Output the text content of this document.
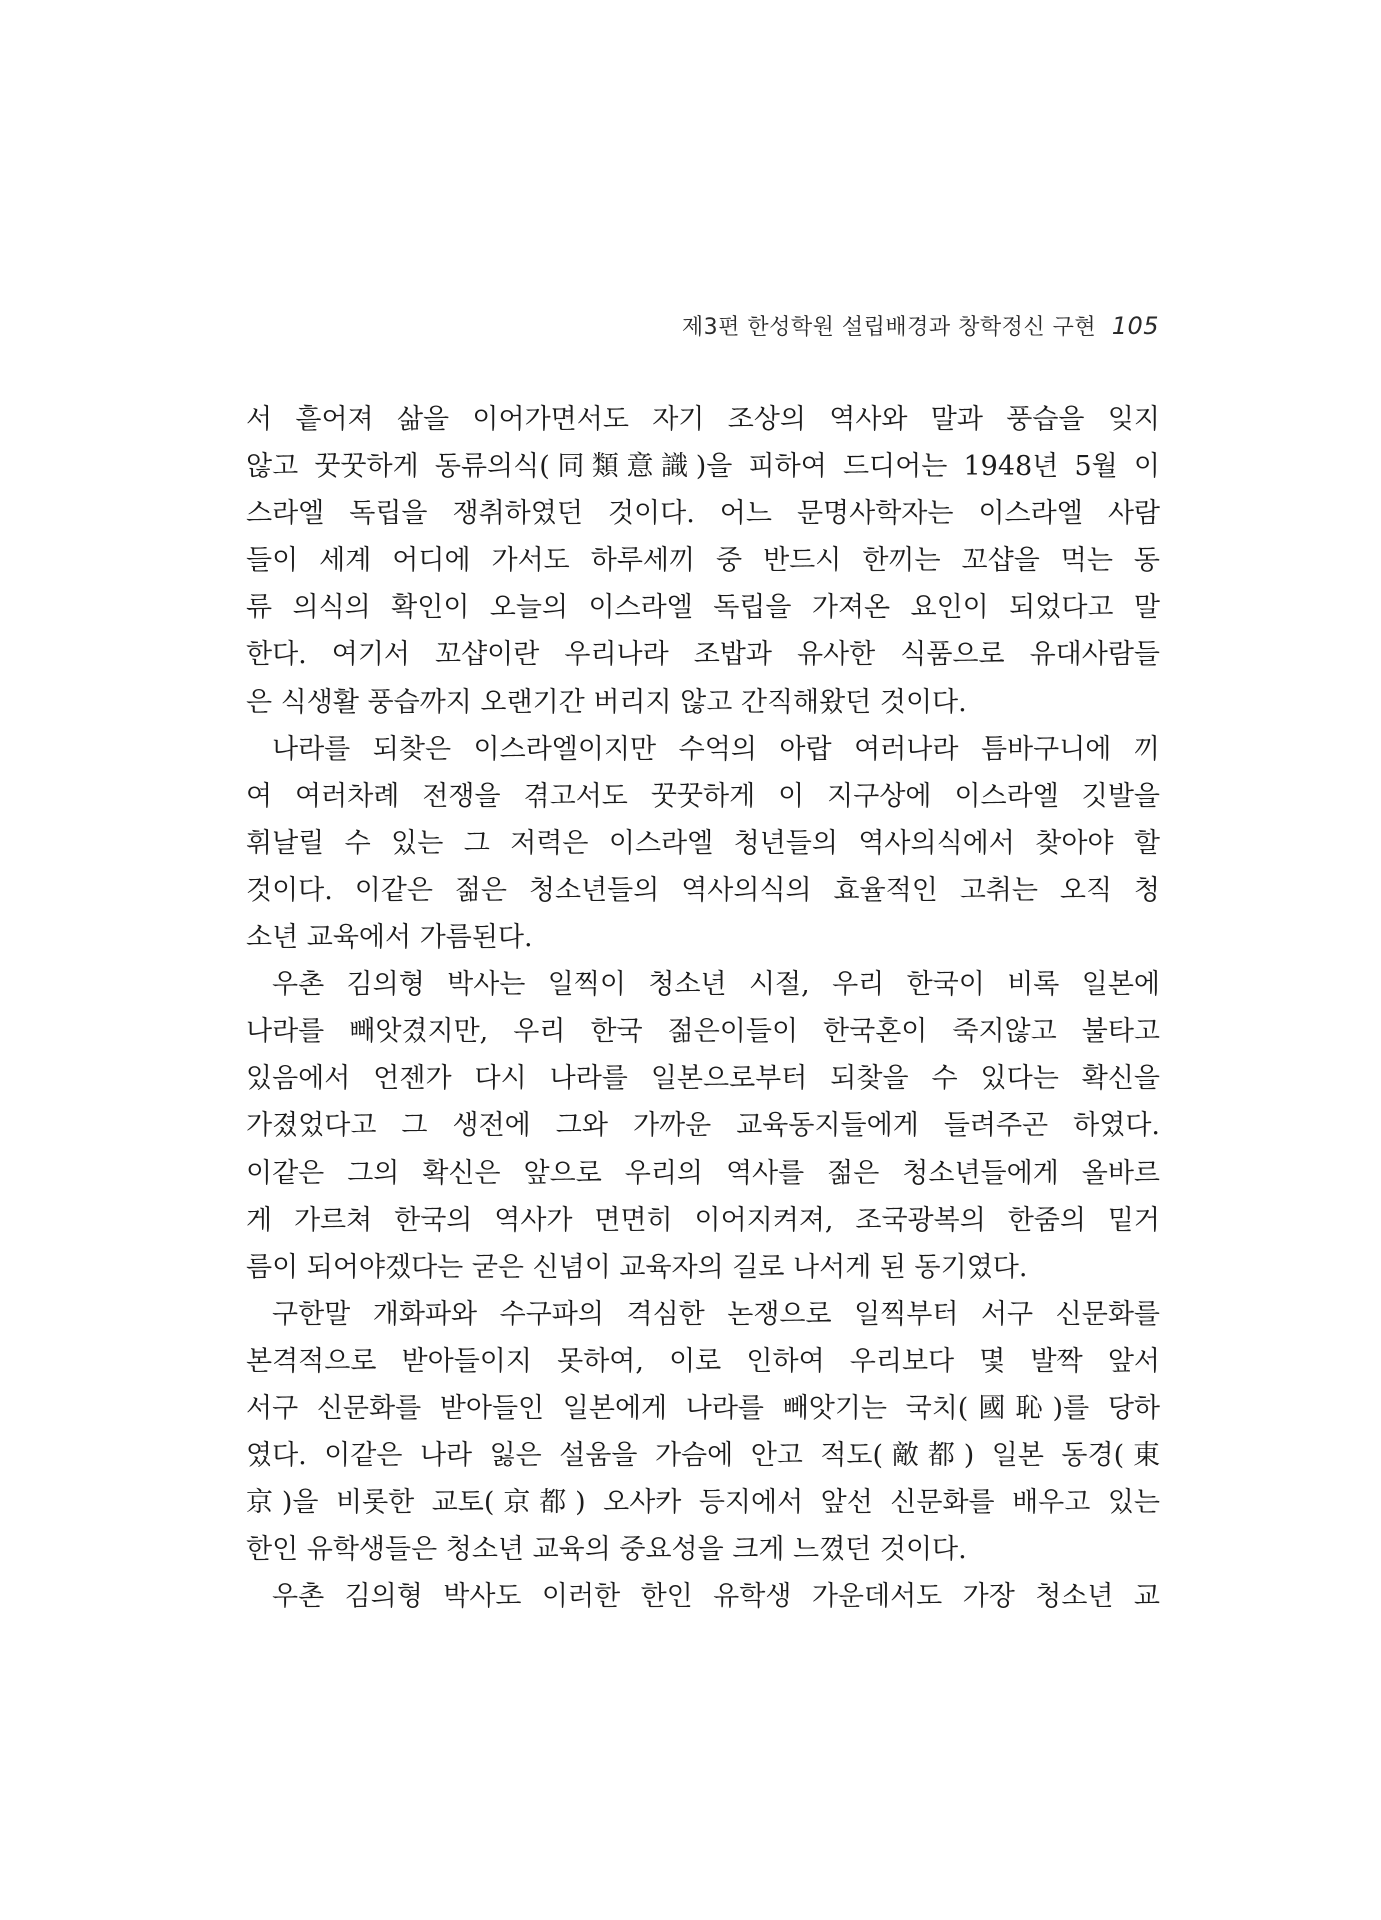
제3편 한성학원 설립배경과 창학정신 구현 105
서 흩어져 삶을 이어가면서도 자기 조상의 역사와 말과 풍습을 잊지
않고 꿋꿋하게 동류의식(同類意識)을 피하여 드디어는 1948년 5월 이
스라엘 독립을 쟁취하였던 것이다. 어느 문명사학자는 이스라엘 사람
들이 세계 어디에 가서도 하루세끼 중 반드시 한끼는 꼬샵을 먹는 동
류 의식의 확인이 오늘의 이스라엘 독립을 가져온 요인이 되었다고 말
한다. 여기서 꼬샵이란 우리나라 조밥과 유사한 식품으로 유대사람들
은 식생활 풍습까지 오랜기간 버리지 않고 간직해왔던 것이다.
나라를 되찾은 이스라엘이지만 수억의 아랍 여러나라 틈바구니에 끼
여 여러차례 전쟁을 겪고서도 꿋꿋하게 이 지구상에 이스라엘 깃발을
휘날릴 수 있는 그 저력은 이스라엘 청년들의 역사의식에서 찾아야 할
것이다. 이같은 젊은 청소년들의 역사의식의 효율적인 고취는 오직 청
소년 교육에서 가름된다.
우촌 김의형 박사는 일찍이 청소년 시절, 우리 한국이 비록 일본에
나라를 빼앗겼지만, 우리 한국 젊은이들이 한국혼이 죽지않고 불타고
있음에서 언젠가 다시 나라를 일본으로부터 되찾을 수 있다는 확신을
가졌었다고 그 생전에 그와 가까운 교육동지들에게 들려주곤 하였다.
이같은 그의 확신은 앞으로 우리의 역사를 젊은 청소년들에게 올바르
게 가르쳐 한국의 역사가 면면히 이어지켜져, 조국광복의 한줌의 밑거
름이 되어야겠다는 굳은 신념이 교육자의 길로 나서게 된 동기였다.
구한말 개화파와 수구파의 격심한 논쟁으로 일찍부터 서구 신문화를
본격적으로 받아들이지 못하여, 이로 인하여 우리보다 몇 발짝 앞서
서구 신문화를 받아들인 일본에게 나라를 빼앗기는 국치(國恥)를 당하
였다. 이같은 나라 잃은 설움을 가슴에 안고 적도(敵都) 일본 동경(東
京)을 비롯한 교토(京都) 오사카 등지에서 앞선 신문화를 배우고 있는
한인 유학생들은 청소년 교육의 중요성을 크게 느꼈던 것이다.
우촌 김의형 박사도 이러한 한인 유학생 가운데서도 가장 청소년 교
